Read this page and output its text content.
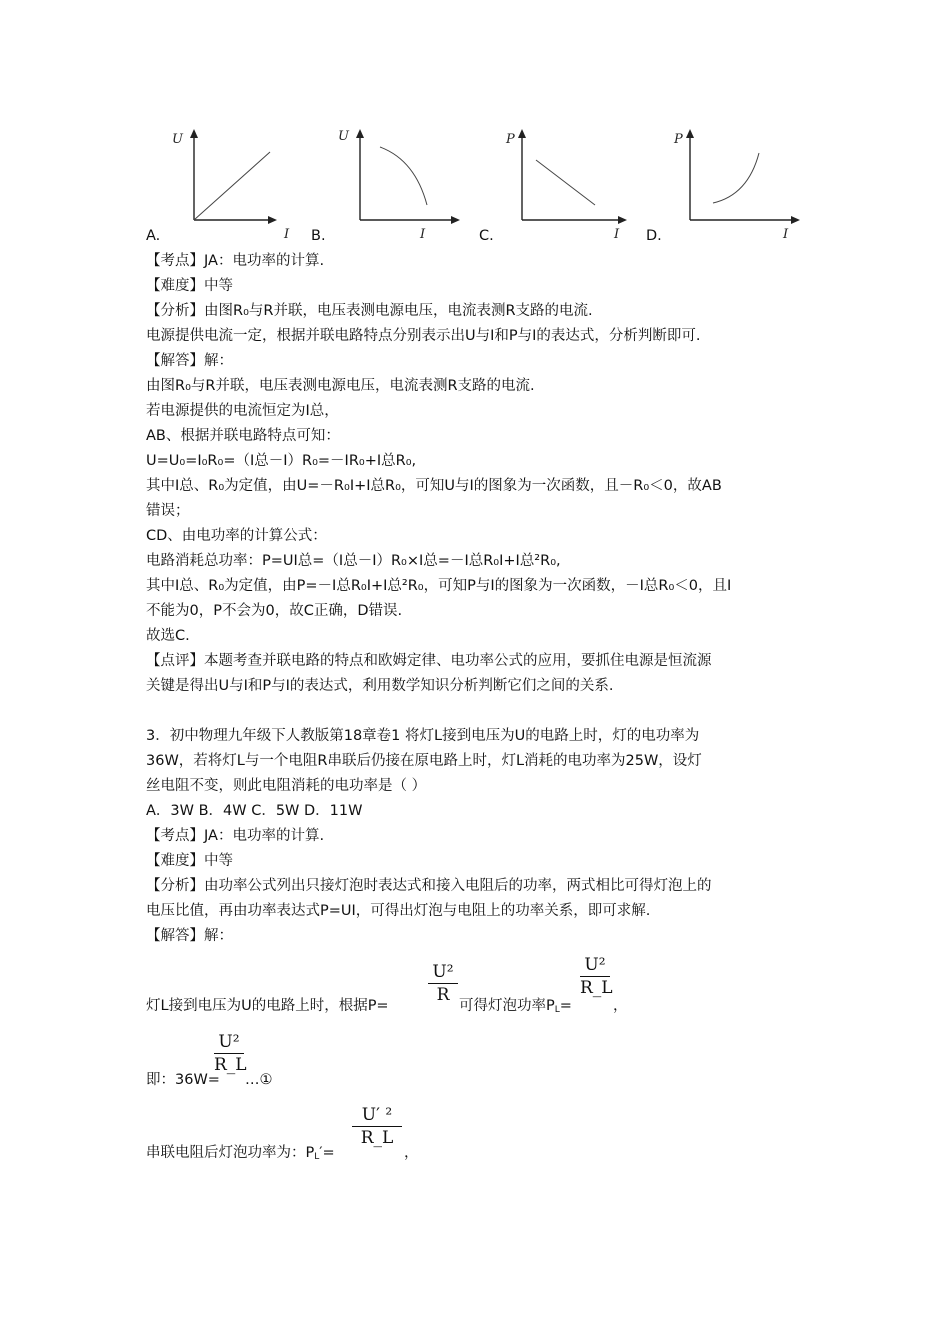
U
I
A.
U
I
B.
P
I
C.
P
I
D.
【考点】JA：电功率的计算.
【难度】中等
【分析】由图R₀与R并联，电压表测电源电压，电流表测R支路的电流.
电源提供电流一定，根据并联电路特点分别表示出U与I和P与I的表达式，分析判断即可.
【解答】解：
由图R₀与R并联，电压表测电源电压，电流表测R支路的电流.
若电源提供的电流恒定为I总，
AB、根据并联电路特点可知：
U=U₀=I₀R₀=（I总－I）R₀=－IR₀+I总R₀,
其中I总、R₀为定值，由U=－R₀I+I总R₀，可知U与I的图象为一次函数，且－R₀＜0，故AB
错误；
CD、由电功率的计算公式：
电路消耗总功率：P=UI总=（I总－I）R₀×I总=－I总R₀I+I总²R₀,
其中I总、R₀为定值，由P=－I总R₀I+I总²R₀，可知P与I的图象为一次函数，－I总R₀＜0，且I
不能为0，P不会为0，故C正确，D错误.
故选C.
【点评】本题考查并联电路的特点和欧姆定律、电功率公式的应用，要抓住电源是恒流源
关键是得出U与I和P与I的表达式，利用数学知识分析判断它们之间的关系.
3．初中物理九年级下人教版第18章卷1 将灯L接到电压为U的电路上时，灯的电功率为
36W，若将灯L与一个电阻R串联后仍接在原电路上时，灯L消耗的电功率为25W，设灯
丝电阻不变，则此电阻消耗的电功率是（ ）
A．3W B．4W C．5W D．11W
【考点】JA：电功率的计算.
【难度】中等
【分析】由功率公式列出只接灯泡时表达式和接入电阻后的功率，两式相比可得灯泡上的
电压比值，再由功率表达式P=UI，可得出灯泡与电阻上的功率关系，即可求解.
【解答】解：
灯L接到电压为U的电路上时，根据P=
U²
R
可得灯泡功率$P_L=$
U²
R_L
，
即：36W=
U²
R_L
…①
串联电阻后灯泡功率为：$P_L'=$
U′ ²
R_L
，
